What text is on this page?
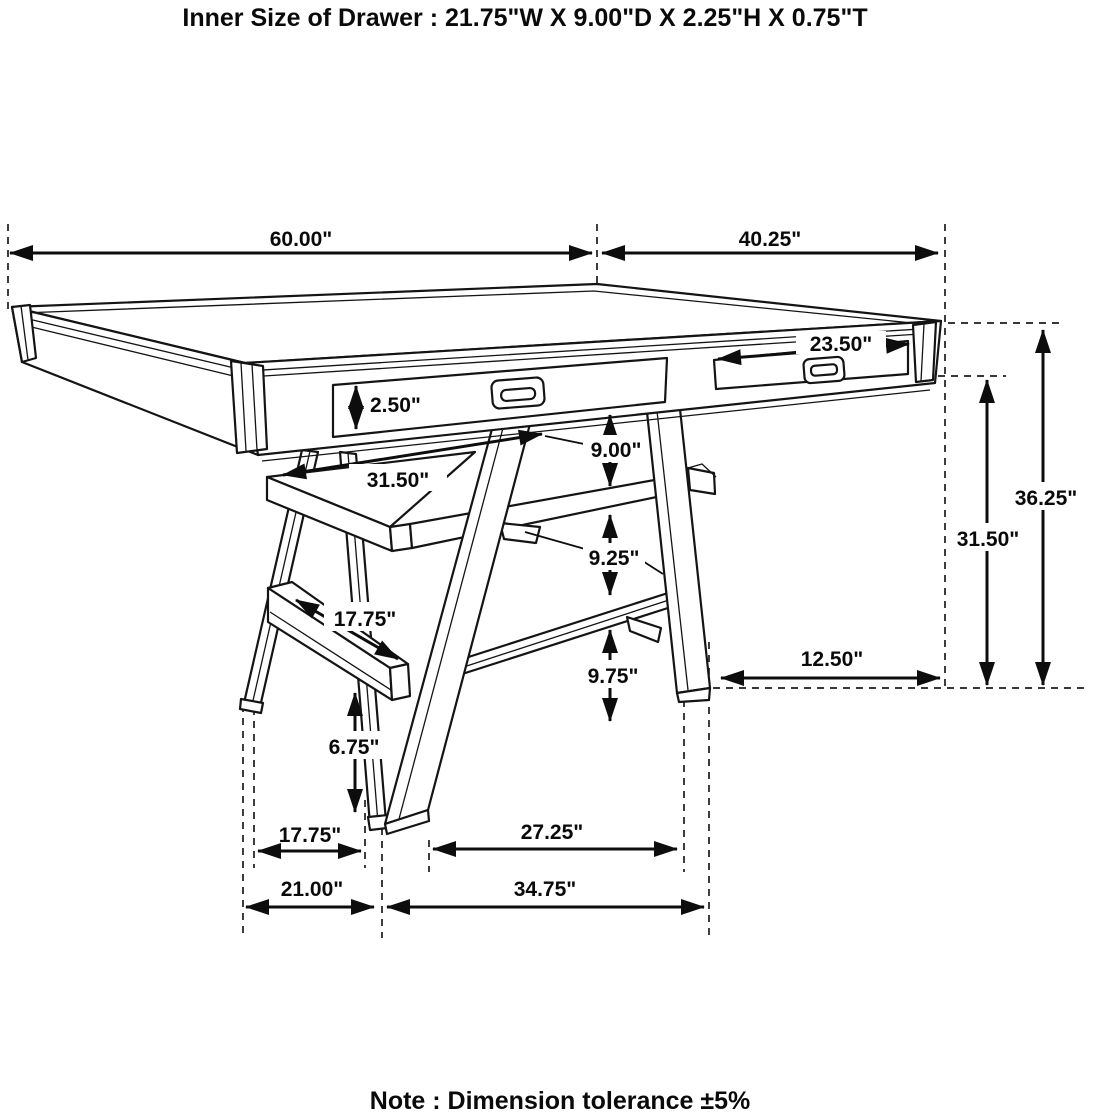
Inner Size of Drawer : 21.75"W X 9.00"D X 2.25"H X 0.75"T
60.00"	40.25"
23.50"
2.50"
31.50"
9.00"
9.25"
9.75"
17.75"
6.75"
12.50"
36.25"
31.50"
17.75"	27.25"
21.00"	34.75"
Note : Dimension tolerance ±5%
